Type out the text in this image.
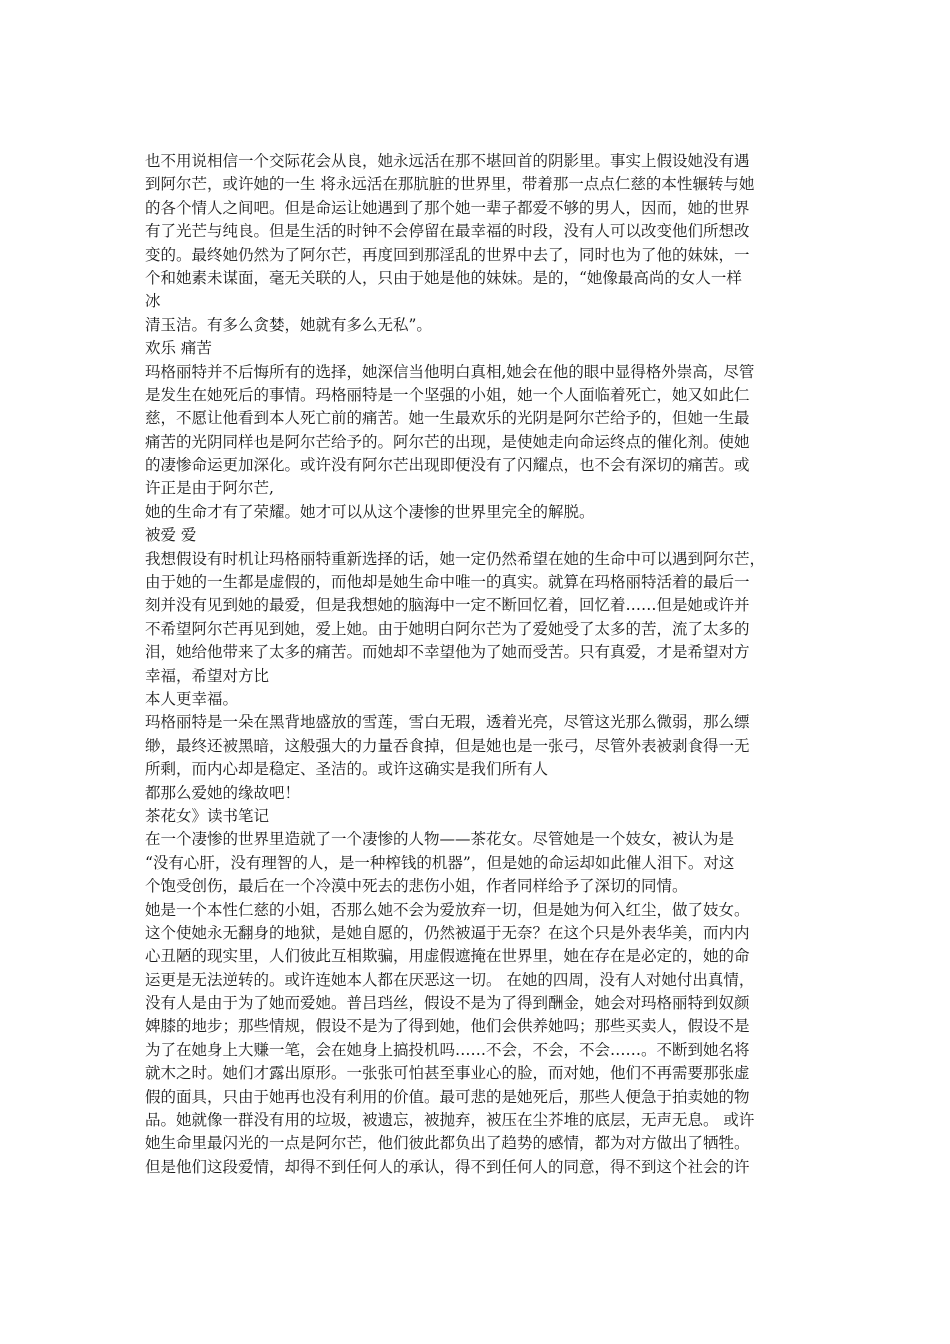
也不用说相信一个交际花会从良，她永远活在那不堪回首的阴影里。事实上假设她没有遇
到阿尔芒，或许她的一生 将永远活在那肮脏的世界里，带着那一点点仁慈的本性辗转与她
的各个情人之间吧。但是命运让她遇到了那个她一辈子都爱不够的男人，因而，她的世界
有了光芒与纯良。但是生活的时钟不会停留在最幸福的时段，没有人可以改变他们所想改
变的。最终她仍然为了阿尔芒，再度回到那淫乱的世界中去了，同时也为了他的妹妹，一
个和她素未谋面，毫无关联的人，只由于她是他的妹妹。是的，“她像最高尚的女人一样
冰
清玉洁。有多么贪婪，她就有多么无私”。
欢乐 痛苦
玛格丽特并不后悔所有的选择，她深信当他明白真相,她会在他的眼中显得格外崇高，尽管
是发生在她死后的事情。玛格丽特是一个坚强的小姐，她一个人面临着死亡，她又如此仁
慈，不愿让他看到本人死亡前的痛苦。她一生最欢乐的光阴是阿尔芒给予的，但她一生最
痛苦的光阴同样也是阿尔芒给予的。阿尔芒的出现，是使她走向命运终点的催化剂。使她
的凄惨命运更加深化。或许没有阿尔芒出现即便没有了闪耀点，也不会有深切的痛苦。或
许正是由于阿尔芒,
她的生命才有了荣耀。她才可以从这个凄惨的世界里完全的解脱。
被爱 爱
我想假设有时机让玛格丽特重新选择的话，她一定仍然希望在她的生命中可以遇到阿尔芒，
由于她的一生都是虚假的，而他却是她生命中唯一的真实。就算在玛格丽特活着的最后一
刻并没有见到她的最爱，但是我想她的脑海中一定不断回忆着，回忆着……但是她或许并
不希望阿尔芒再见到她，爱上她。由于她明白阿尔芒为了爱她受了太多的苦，流了太多的
泪，她给他带来了太多的痛苦。而她却不幸望他为了她而受苦。只有真爱，才是希望对方
幸福，希望对方比
本人更幸福。
玛格丽特是一朵在黑背地盛放的雪莲，雪白无瑕，透着光亮，尽管这光那么微弱，那么缥
缈，最终还被黑暗，这般强大的力量吞食掉，但是她也是一张弓，尽管外表被剥食得一无
所剩，而内心却是稳定、圣洁的。或许这确实是我们所有人
都那么爱她的缘故吧！
茶花女》读书笔记
在一个凄惨的世界里造就了一个凄惨的人物——茶花女。尽管她是一个妓女，被认为是
“没有心肝，没有理智的人，是一种榨钱的机器”，但是她的命运却如此催人泪下。对这
个饱受创伤，最后在一个冷漠中死去的悲伤小姐，作者同样给予了深切的同情。
她是一个本性仁慈的小姐，否那么她不会为爱放弃一切，但是她为何入红尘，做了妓女。
这个使她永无翻身的地狱，是她自愿的，仍然被逼于无奈？在这个只是外表华美，而内内
心丑陋的现实里，人们彼此互相欺骗，用虚假遮掩在世界里，她在存在是必定的，她的命
运更是无法逆转的。或许连她本人都在厌恶这一切。 在她的四周，没有人对她付出真情，
没有人是由于为了她而爱她。普吕珰丝，假设不是为了得到酬金，她会对玛格丽特到奴颜
婢膝的地步；那些情规，假设不是为了得到她，他们会供养她吗；那些买卖人，假设不是
为了在她身上大赚一笔，会在她身上搞投机吗……不会，不会，不会……。不断到她名将
就木之时。她们才露出原形。一张张可怕甚至事业心的脸，而对她，他们不再需要那张虚
假的面具，只由于她再也没有利用的价值。最可悲的是她死后，那些人便急于拍卖她的物
品。她就像一群没有用的垃圾，被遗忘，被抛弃，被压在尘芥堆的底层，无声无息。 或许
她生命里最闪光的一点是阿尔芒，他们彼此都负出了趋势的感情，都为对方做出了牺牲。
但是他们这段爱情，却得不到任何人的承认，得不到任何人的同意，得不到这个社会的许
